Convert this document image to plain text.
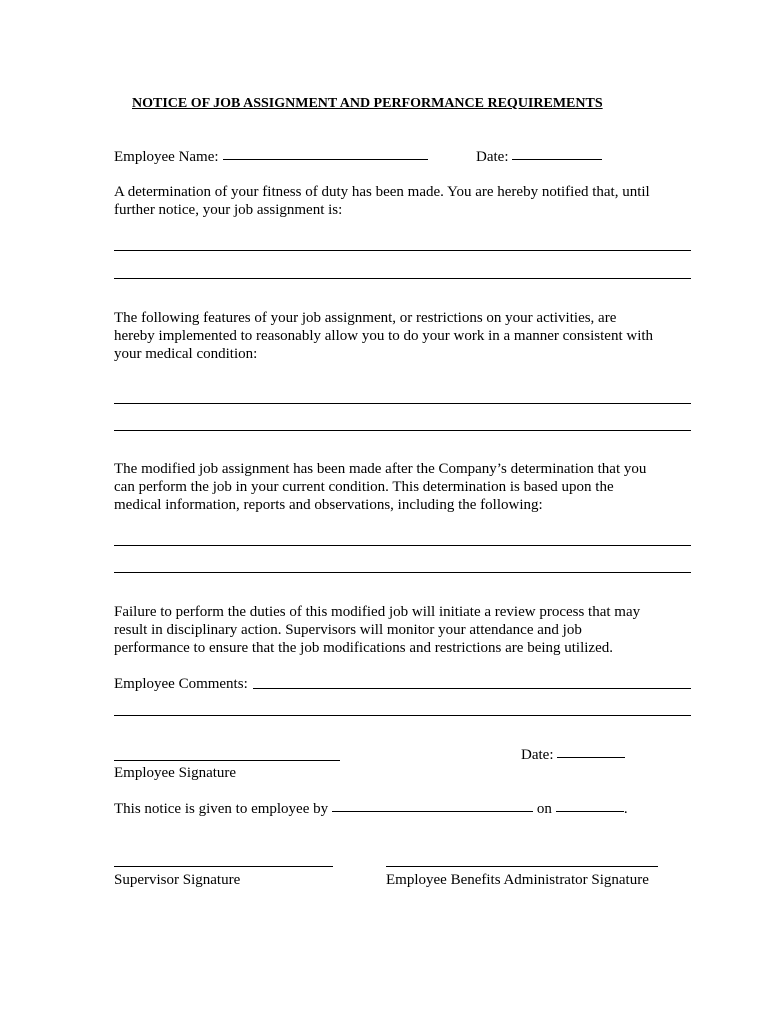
NOTICE OF JOB ASSIGNMENT AND PERFORMANCE REQUIREMENTS
Employee Name:	Date:
A determination of your fitness of duty has been made. You are hereby notified that, until
further notice, your job assignment is:
The following features of your job assignment, or restrictions on your activities, are
hereby implemented to reasonably allow you to do your work in a manner consistent with
your medical condition:
The modified job assignment has been made after the Company’s determination that you
can perform the job in your current condition. This determination is based upon the
medical information, reports and observations, including the following:
Failure to perform the duties of this modified job will initiate a review process that may
result in disciplinary action. Supervisors will monitor your attendance and job
performance to ensure that the job modifications and restrictions are being utilized.
Employee Comments:
Employee Signature
Date:
This notice is given to employee by	on	.
Supervisor Signature	Employee Benefits Administrator Signature
